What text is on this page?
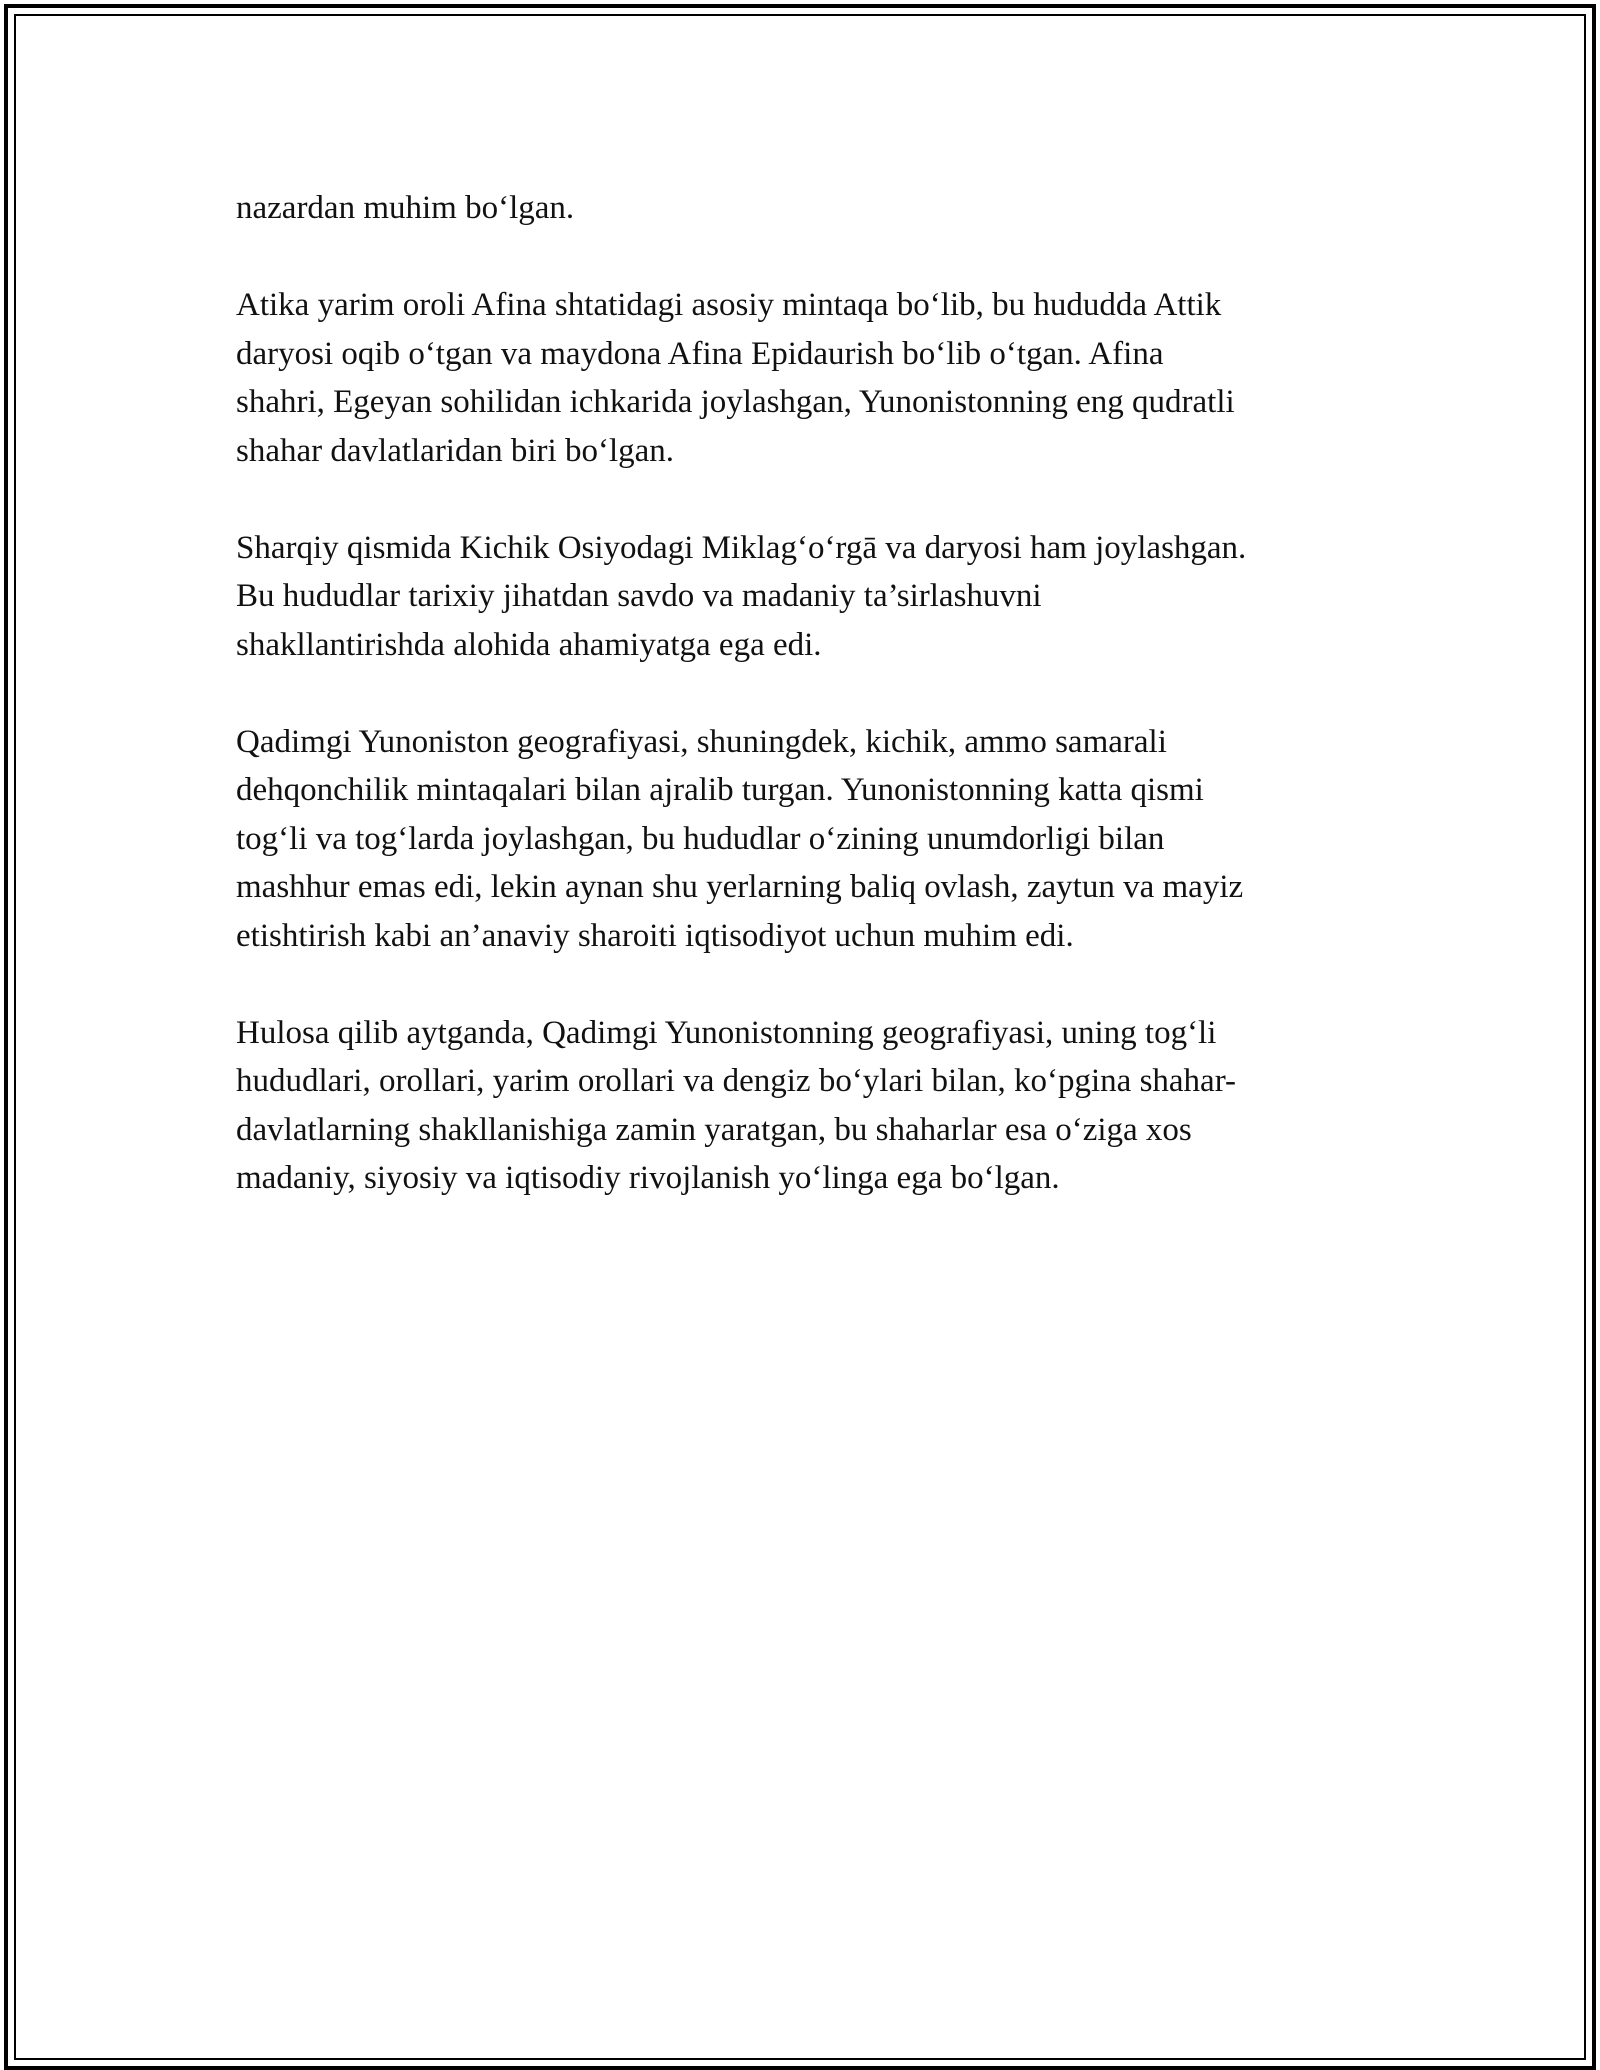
nazardan muhim bo‘lgan.

Atika yarim oroli Afina shtatidagi asosiy mintaqa bo‘lib, bu hududda Attik
daryosi oqib o‘tgan va maydona Afina Epidaurish bo‘lib o‘tgan. Afina
shahri, Egeyan sohilidan ichkarida joylashgan, Yunonistonning eng qudratli
shahar davlatlaridan biri bo‘lgan.

Sharqiy qismida Kichik Osiyodagi Miklag‘o‘rgā va daryosi ham joylashgan.
Bu hududlar tarixiy jihatdan savdo va madaniy ta’sirlashuvni
shakllantirishda alohida ahamiyatga ega edi.

Qadimgi Yunoniston geografiyasi, shuningdek, kichik, ammo samarali
dehqonchilik mintaqalari bilan ajralib turgan. Yunonistonning katta qismi
tog‘li va tog‘larda joylashgan, bu hududlar o‘zining unumdorligi bilan
mashhur emas edi, lekin aynan shu yerlarning baliq ovlash, zaytun va mayiz
etishtirish kabi an’anaviy sharoiti iqtisodiyot uchun muhim edi.

Hulosa qilib aytganda, Qadimgi Yunonistonning geografiyasi, uning tog‘li
hududlari, orollari, yarim orollari va dengiz bo‘ylari bilan, ko‘pgina shahar-
davlatlarning shakllanishiga zamin yaratgan, bu shaharlar esa o‘ziga xos
madaniy, siyosiy va iqtisodiy rivojlanish yo‘linga ega bo‘lgan.
